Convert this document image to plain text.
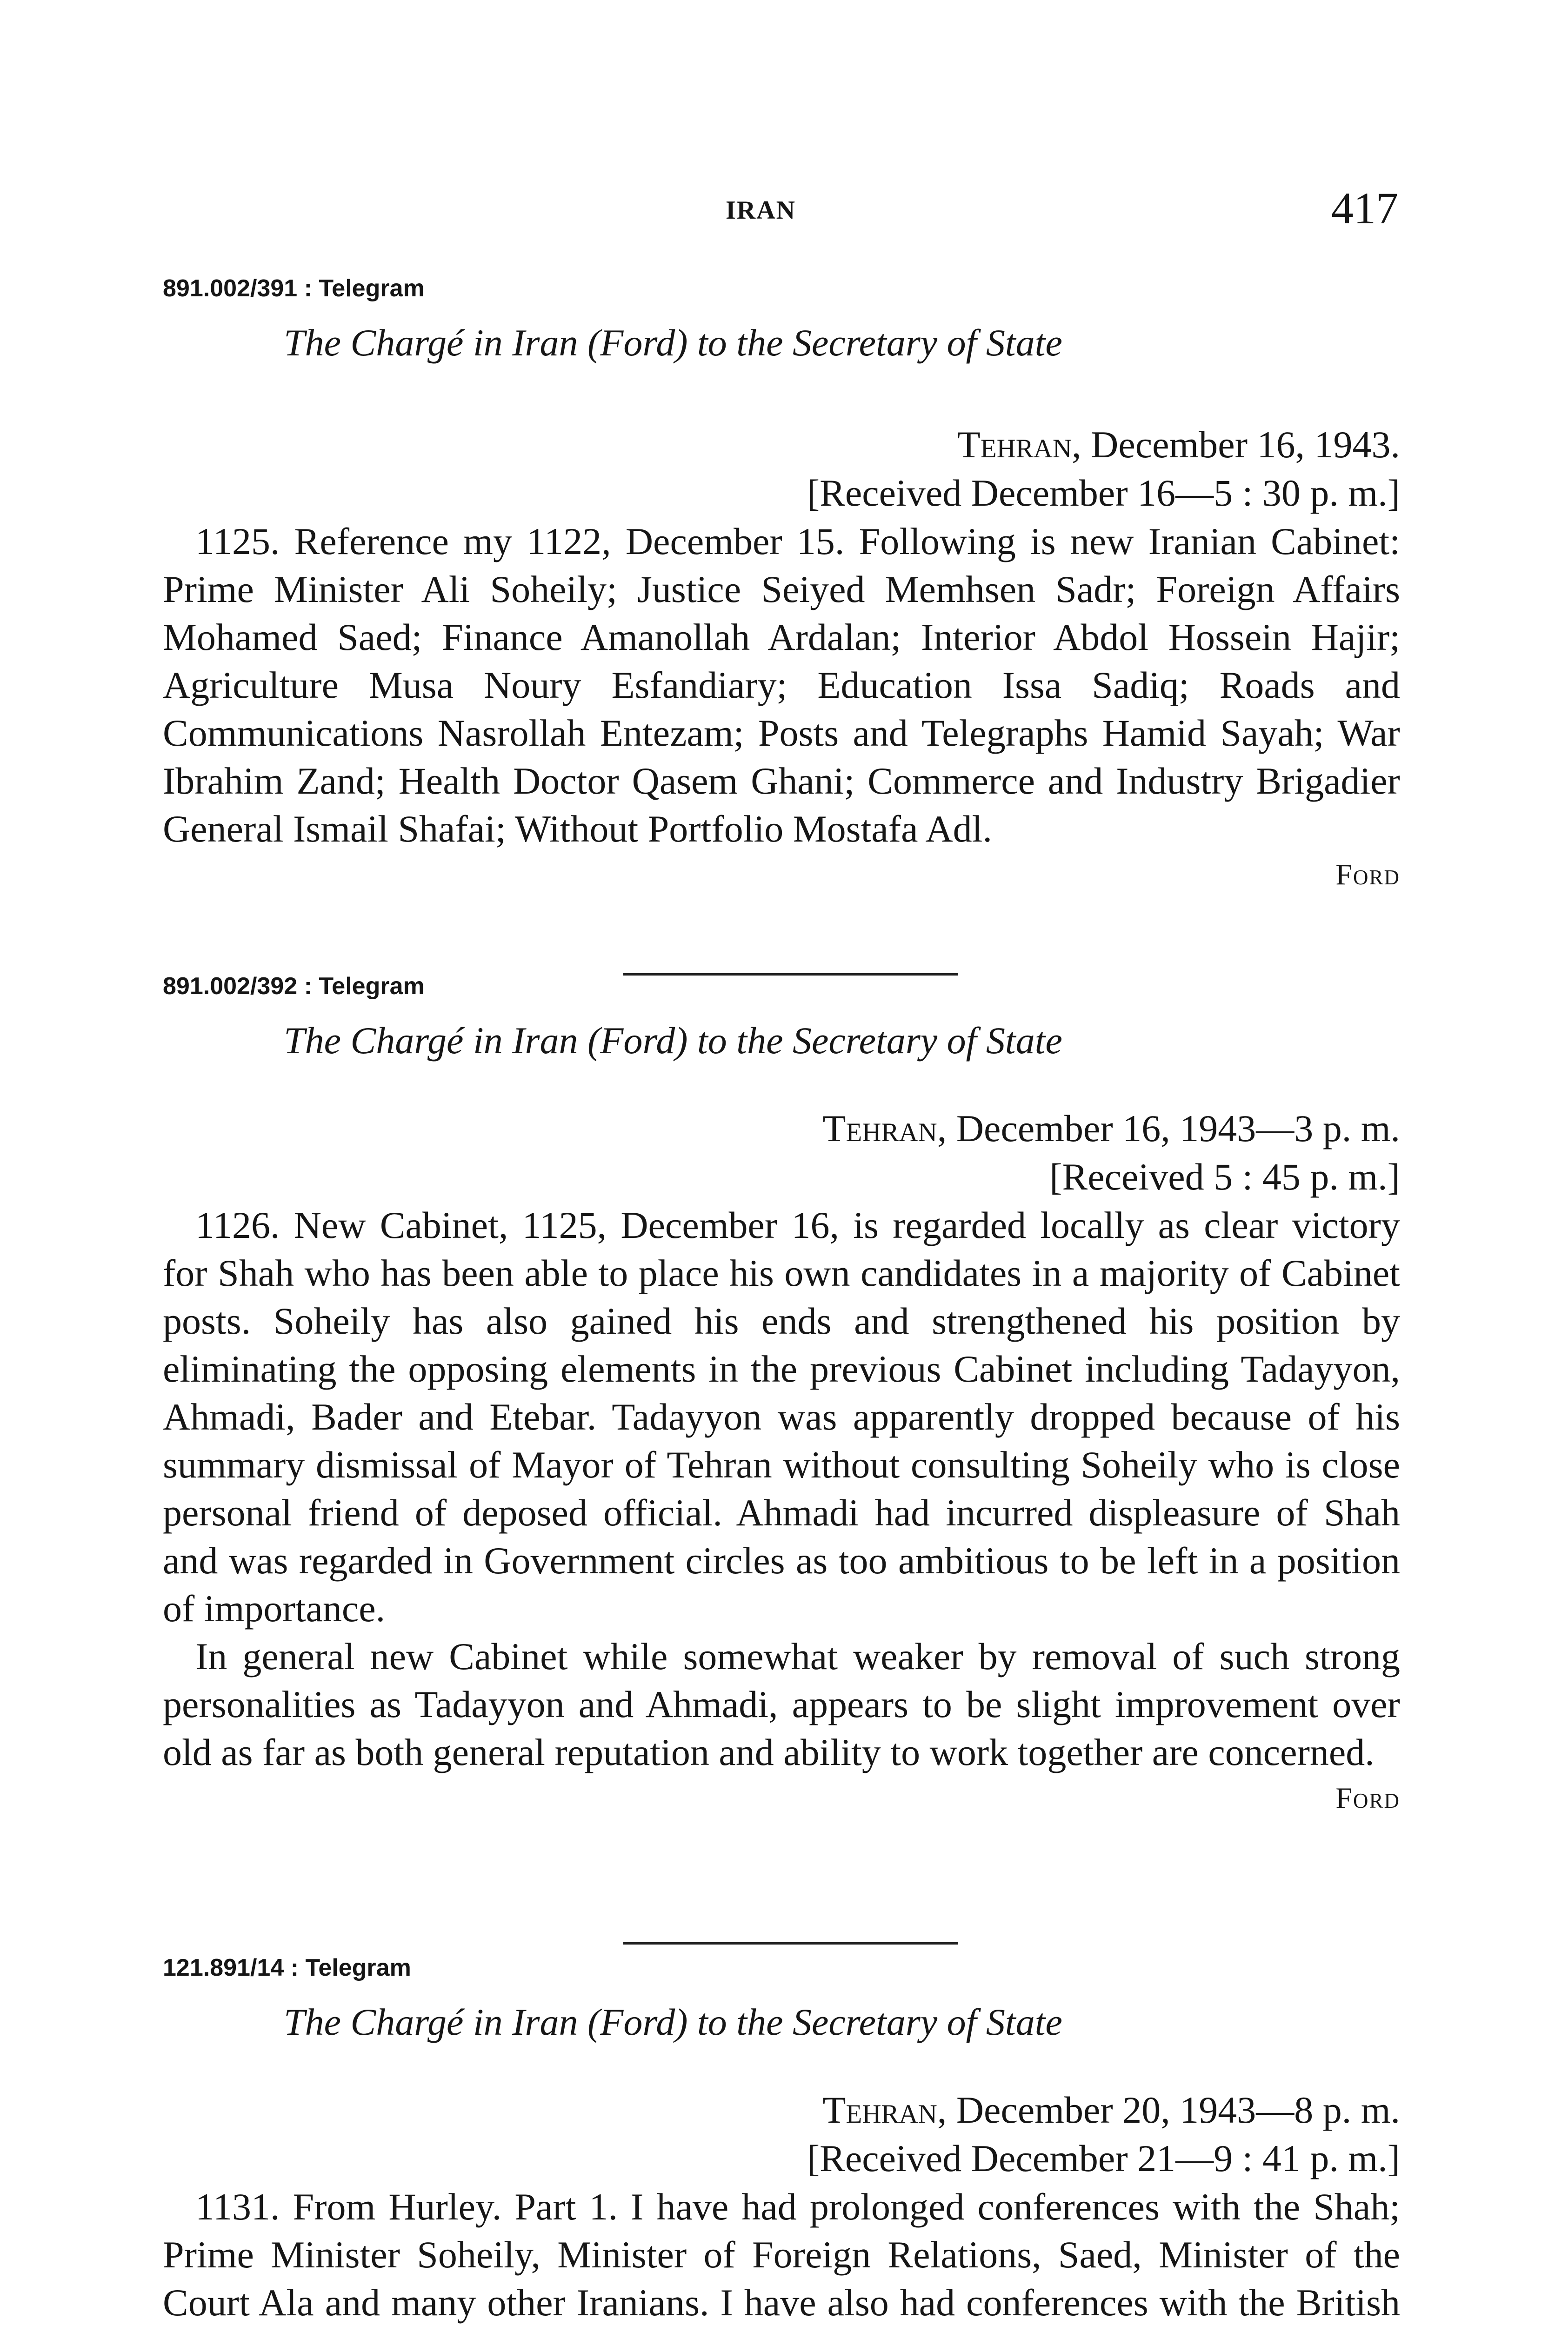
IRAN	417

891.002/391 : Telegram

The Chargé in Iran (Ford) to the Secretary of State

Tehran, December 16, 1943.

[Received December 16—5 : 30 p. m.]

1125. Reference my 1122, December 15. Following is new Iranian Cabinet: Prime Minister Ali Soheily; Justice Seiyed Memhsen Sadr; Foreign Affairs Mohamed Saed; Finance Amanollah Ardalan; Interior Abdol Hossein Hajir; Agriculture Musa Noury Esfandiary; Education Issa Sadiq; Roads and Communications Nasrollah Entezam; Posts and Telegraphs Hamid Sayah; War Ibrahim Zand; Health Doctor Qasem Ghani; Commerce and Industry Brigadier General Ismail Shafai; Without Portfolio Mostafa Adl.

Ford

891.002/392 : Telegram

The Chargé in Iran (Ford) to the Secretary of State

Tehran, December 16, 1943—3 p. m.

[Received 5 : 45 p. m.]

1126. New Cabinet, 1125, December 16, is regarded locally as clear victory for Shah who has been able to place his own candidates in a majority of Cabinet posts. Soheily has also gained his ends and strengthened his position by eliminating the opposing elements in the previous Cabinet including Tadayyon, Ahmadi, Bader and Etebar. Tadayyon was apparently dropped because of his summary dismissal of Mayor of Tehran without consulting Soheily who is close personal friend of deposed official. Ahmadi had incurred displeasure of Shah and was regarded in Government circles as too ambitious to be left in a position of importance.

In general new Cabinet while somewhat weaker by removal of such strong personalities as Tadayyon and Ahmadi, appears to be slight improvement over old as far as both general reputation and ability to work together are concerned.

Ford

121.891/14 : Telegram

The Chargé in Iran (Ford) to the Secretary of State

Tehran, December 20, 1943—8 p. m.

[Received December 21—9 : 41 p. m.]

1131. From Hurley. Part 1. I have had prolonged conferences with the Shah; Prime Minister Soheily, Minister of Foreign Relations, Saed, Minister of the Court Ala and many other Iranians. I have also had conferences with the British
